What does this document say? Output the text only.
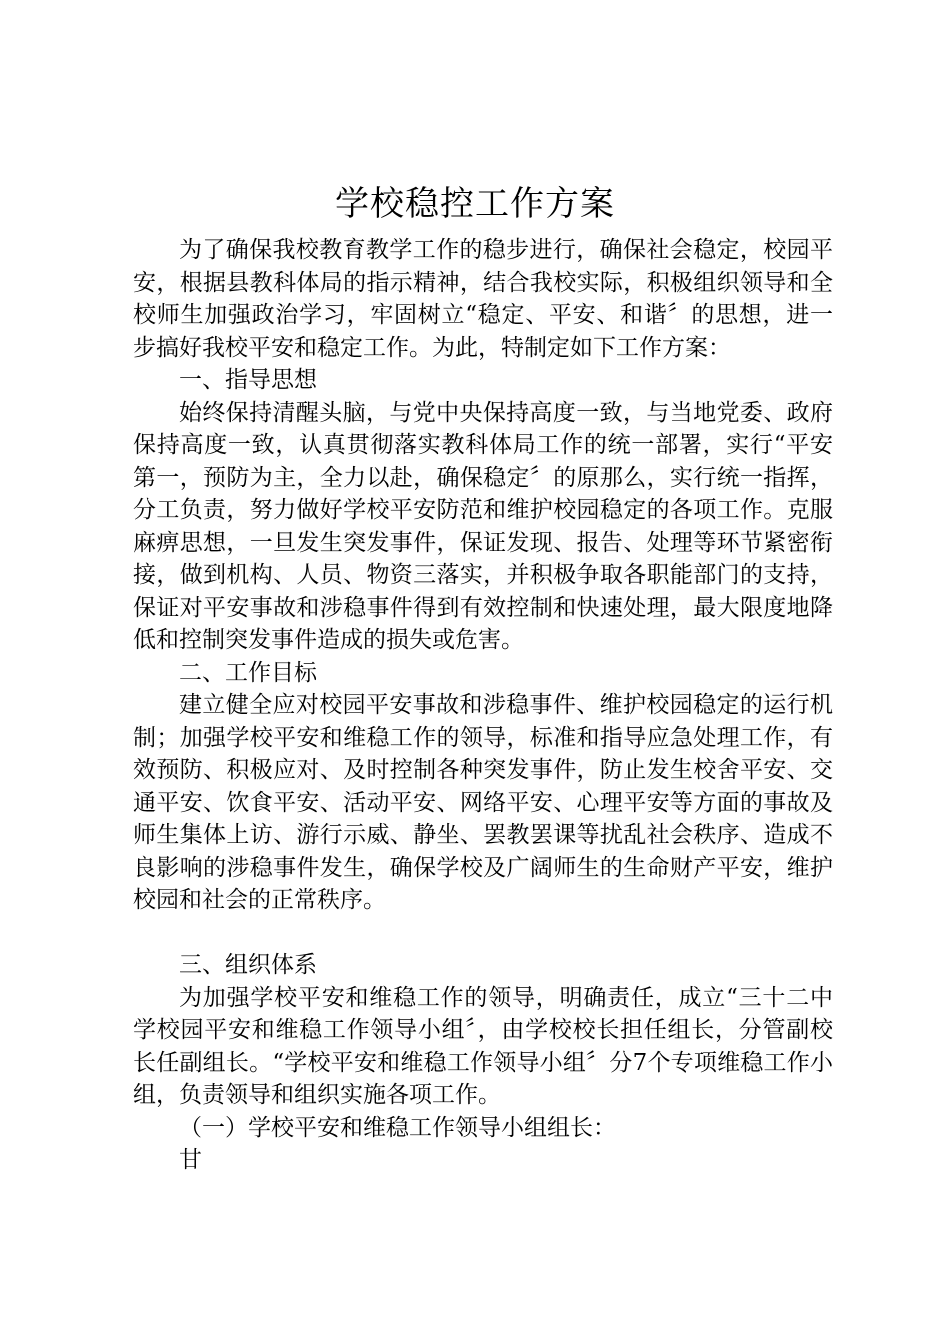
学校稳控工作方案

为了确保我校教育教学工作的稳步进行，确保社会稳定，校园平安，根据县教科体局的指示精神，结合我校实际，积极组织领导和全校师生加强政治学习，牢固树立“稳定、平安、和谐〞的思想，进一步搞好我校平安和稳定工作。为此，特制定如下工作方案：

一、指导思想

始终保持清醒头脑，与党中央保持高度一致，与当地党委、政府保持高度一致，认真贯彻落实教科体局工作的统一部署，实行“平安第一，预防为主，全力以赴，确保稳定〞的原那么，实行统一指挥，分工负责，努力做好学校平安防范和维护校园稳定的各项工作。克服麻痹思想，一旦发生突发事件，保证发现、报告、处理等环节紧密衔接，做到机构、人员、物资三落实，并积极争取各职能部门的支持，保证对平安事故和涉稳事件得到有效控制和快速处理，最大限度地降低和控制突发事件造成的损失或危害。

二、工作目标

建立健全应对校园平安事故和涉稳事件、维护校园稳定的运行机制；加强学校平安和维稳工作的领导，标准和指导应急处理工作，有效预防、积极应对、及时控制各种突发事件，防止发生校舍平安、交通平安、饮食平安、活动平安、网络平安、心理平安等方面的事故及师生集体上访、游行示威、静坐、罢教罢课等扰乱社会秩序、造成不良影响的涉稳事件发生，确保学校及广阔师生的生命财产平安，维护校园和社会的正常秩序。

三、组织体系

为加强学校平安和维稳工作的领导，明确责任，成立“三十二中学校园平安和维稳工作领导小组〞，由学校校长担任组长，分管副校长任副组长。“学校平安和维稳工作领导小组〞分7个专项维稳工作小组，负责领导和组织实施各项工作。

（一）学校平安和维稳工作领导小组组长：

甘
